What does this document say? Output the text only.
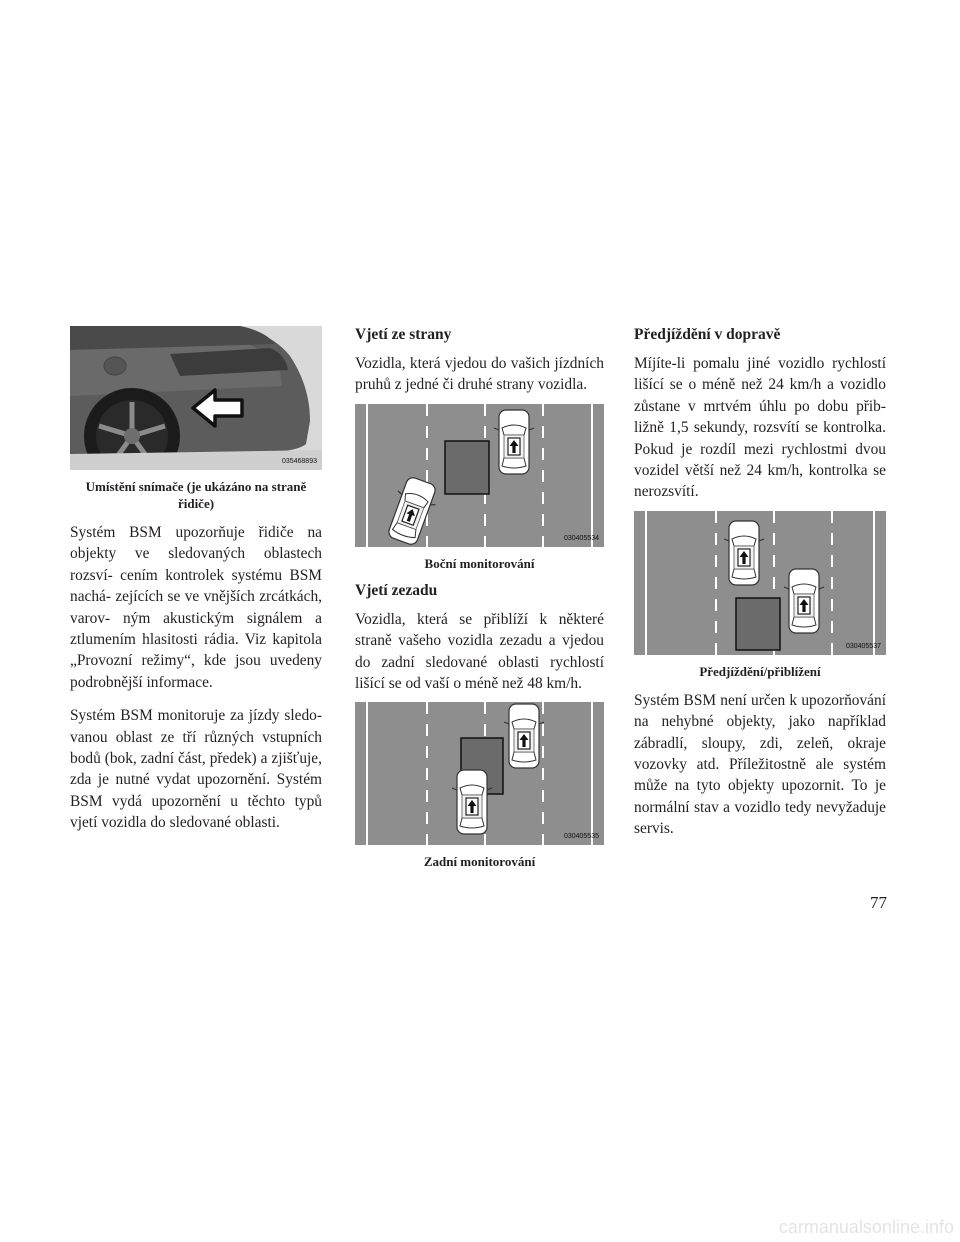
035468893
Umístění snímače (je ukázáno na straně řidiče)

Systém BSM upozorňuje řidiče na objekty ve sledovaných oblastech rozsví- cením kontrolek systému BSM nachá- zejících se ve vnějších zrcátkách, varov- ným akustickým signálem a ztlumením hlasitosti rádia. Viz kapitola „Provozní režimy“, kde jsou uvedeny podrobnější informace.

Systém BSM monitoruje za jízdy sledo- vanou oblast ze tří různých vstupních bodů (bok, zadní část, předek) a zjišťuje, zda je nutné vydat upozornění. Systém BSM vydá upozornění u těchto typů vjetí vozidla do sledované oblasti.

Vjetí ze strany

Vozidla, která vjedou do vašich jízdních pruhů z jedné či druhé strany vozidla.

030405534
Boční monitorování
Vjetí zezadu

Vozidla, která se přiblíží k některé straně vašeho vozidla zezadu a vjedou do zadní sledované oblasti rychlostí lišící se od vaší o méně než 48 km/h.

030405535
Zadní monitorování
Předjíždění v dopravě

Míjíte-li pomalu jiné vozidlo rychlostí lišící se o méně než 24 km/h a vozidlo zůstane v mrtvém úhlu po dobu přib- ližně 1,5 sekundy, rozsvítí se kontrolka. Pokud je rozdíl mezi rychlostmi dvou vozidel větší než 24 km/h, kontrolka se nerozsvítí.

030405537
Předjíždění/přiblížení

Systém BSM není určen k upozorňování na nehybné objekty, jako například zábradlí, sloupy, zdi, zeleň, okraje vozovky atd. Příležitostně ale systém může na tyto objekty upozornit. To je normální stav a vozidlo tedy nevyžaduje servis.

77
carmanualsonline.info
